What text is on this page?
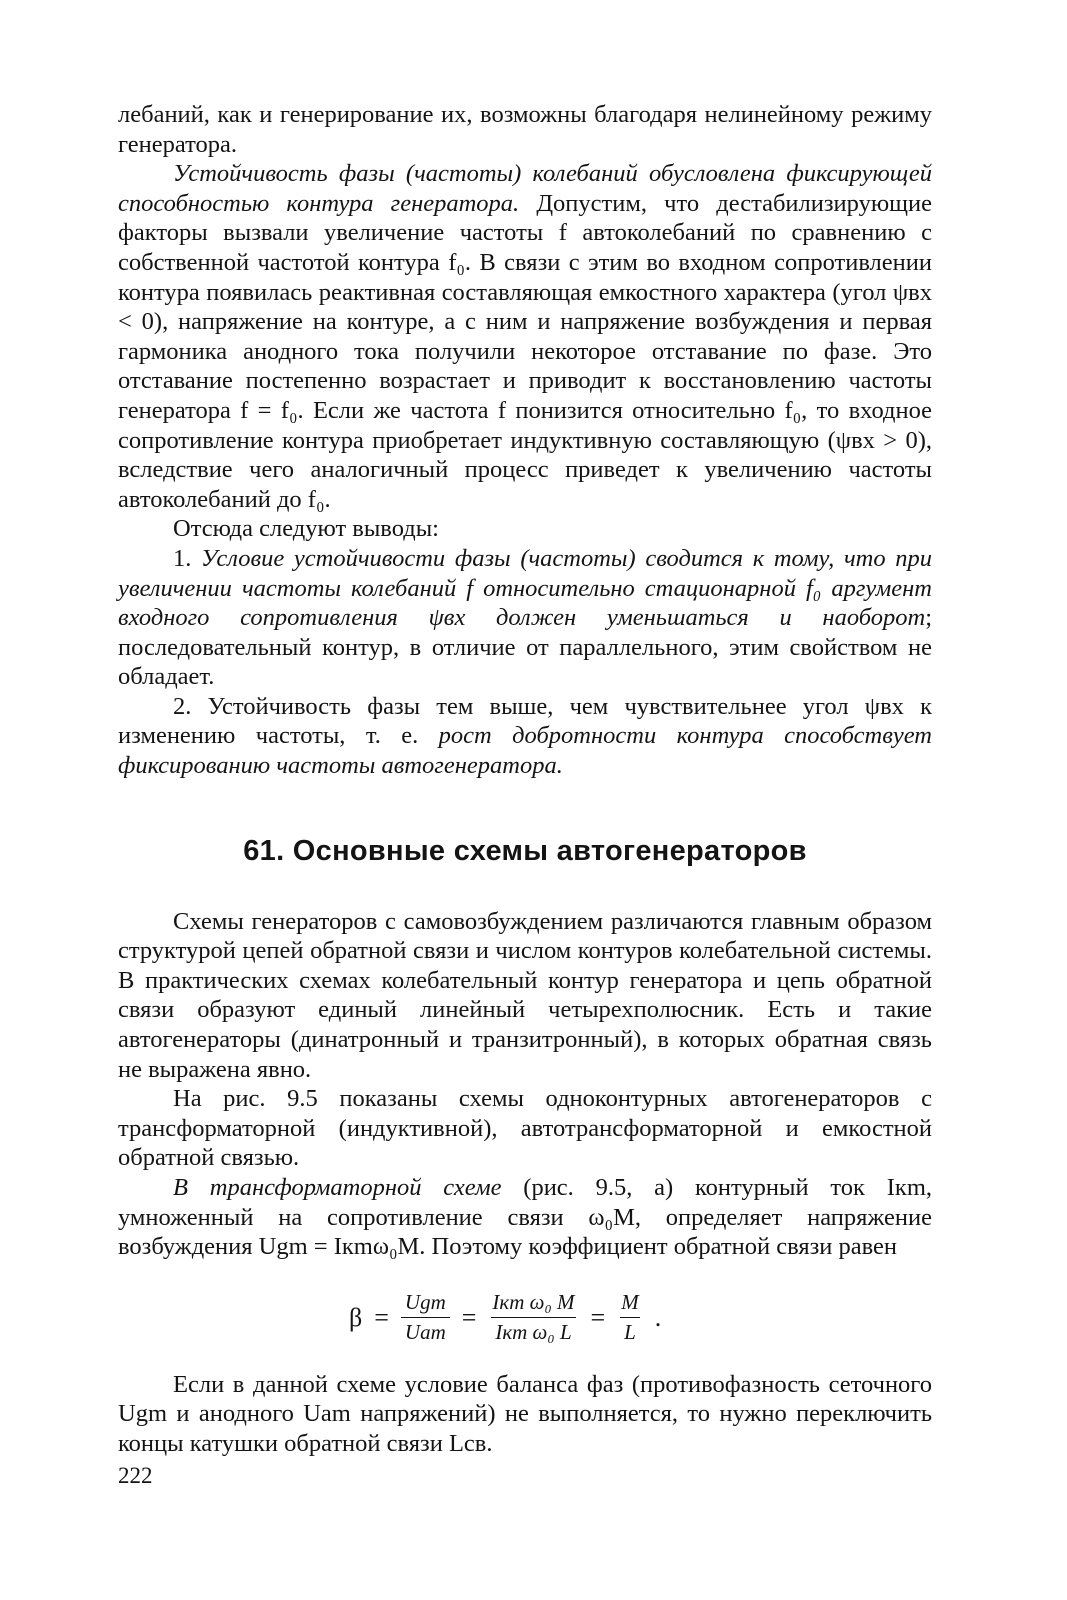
лебаний, как и генерирование их, возможны благодаря нелинейному режиму генератора.

Устойчивость фазы (частоты) колебаний обусловлена фиксирующей способностью контура генератора. Допустим, что дестабилизирующие факторы вызвали увеличение частоты f автоколебаний по сравнению с собственной частотой контура f₀. В связи с этим во входном сопротивлении контура появилась реактивная составляющая емкостного характера (угол ψвх < 0), напряжение на контуре, а с ним и напряжение возбуждения и первая гармоника анодного тока получили некоторое отставание по фазе. Это отставание постепенно возрастает и приводит к восстановлению частоты генератора f = f₀. Если же частота f понизится относительно f₀, то входное сопротивление контура приобретает индуктивную составляющую (ψвх > 0), вследствие чего аналогичный процесс приведет к увеличению частоты автоколебаний до f₀.

Отсюда следуют выводы:

1. Условие устойчивости фазы (частоты) сводится к тому, что при увеличении частоты колебаний f относительно стационарной f₀ аргумент входного сопротивления ψвх должен уменьшаться и наоборот; последовательный контур, в отличие от параллельного, этим свойством не обладает.

2. Устойчивость фазы тем выше, чем чувствительнее угол ψвх к изменению частоты, т. е. рост добротности контура способствует фиксированию частоты автогенератора.

61. Основные схемы автогенераторов

Схемы генераторов с самовозбуждением различаются главным образом структурой цепей обратной связи и числом контуров колебательной системы. В практических схемах колебательный контур генератора и цепь обратной связи образуют единый линейный четырехполюсник. Есть и такие автогенераторы (динатронный и транзитронный), в которых обратная связь не выражена явно.

На рис. 9.5 показаны схемы одноконтурных автогенераторов с трансформаторной (индуктивной), автотрансформаторной и емкостной обратной связью.

В трансформаторной схеме (рис. 9.5, а) контурный ток Iкm, умноженный на сопротивление связи ω₀M, определяет напряжение возбуждения Ugm = Iкmω₀M. Поэтому коэффициент обратной связи равен

$\beta = \frac{\text{Ugm}}{\text{Uam}} = \frac{\text{Iкm ω₀ M}}{\text{Iкm ω₀ L}} = \frac{M}{L}$ .

Если в данной схеме условие баланса фаз (противофазность сеточного Ugm и анодного Uam напряжений) не выполняется, то нужно переключить концы катушки обратной связи Lсв.

222
